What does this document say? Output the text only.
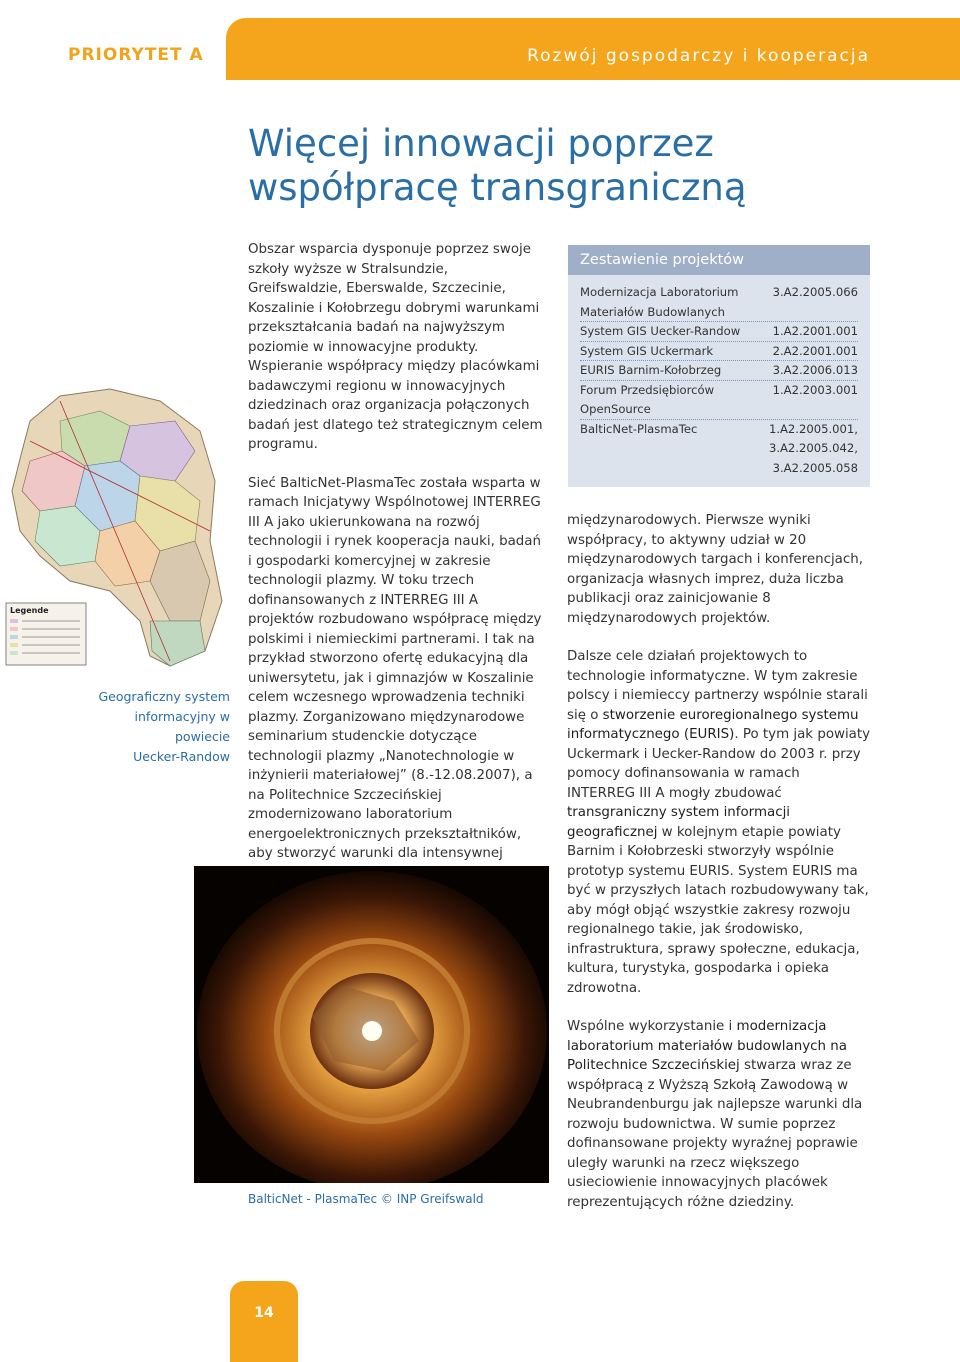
PRIORYTET A	Rozwój gospodarczy i kooperacja
Więcej innowacji poprzez
współpracę transgraniczną
Legende
Geograficzny system
informacyjny w powiecie
Uecker-Randow

Obszar wsparcia dysponuje poprzez swoje szkoły wyższe w Stralsundzie, Greifswaldzie, Eberswalde, Szczecinie, Koszalinie i Kołobrzegu dobrymi warunkami przekształcania badań na najwyższym poziomie w innowacyjne produkty. Wspieranie współpracy między placówkami badawczymi regionu w innowacyjnych dziedzinach oraz organizacja połączonych badań jest dlatego też strategicznym celem programu.

Sieć BalticNet-PlasmaTec została wsparta w ramach Inicjatywy Wspólnotowej INTERREG III A jako ukierunkowana na rozwój technologii i rynek kooperacja nauki, badań i gospodarki komercyjnej w zakresie technologii plazmy. W toku trzech dofinansowanych z INTERREG III A projektów rozbudowano współpracę między polskimi i niemieckimi partnerami. I tak na przykład stworzono ofertę edukacyjną dla uniwersytetu, jak i gimnazjów w Koszalinie celem wczesnego wprowadzenia techniki plazmy. Zorganizowano międzynarodowe seminarium studenckie dotyczące technologii plazmy „Nanotechnologie w inżynierii materiałowej” (8.-12.08.2007), a na Politechnice Szczecińskiej zmodernizowano laboratorium energoelektronicznych przekształtników, aby stworzyć warunki dla intensywnej

BalticNet - PlasmaTec © INP Greifswald
Zestawienie projektów
Modernizacja Laboratorium	3.A2.2005.066
Materiałów Budowlanych
System GIS Uecker-Randow	1.A2.2001.001
System GIS Uckermark	2.A2.2001.001
EURIS Barnim-Kołobrzeg	3.A2.2006.013
Forum Przedsiębiorców	1.A2.2003.001
OpenSource
BalticNet-PlasmaTec	1.A2.2005.001,
3.A2.2005.042,
3.A2.2005.058

międzynarodowych. Pierwsze wyniki współpracy, to aktywny udział w 20 międzynarodowych targach i konferencjach, organizacja własnych imprez, duża liczba publikacji oraz zainicjowanie 8 międzynarodowych projektów.

Dalsze cele działań projektowych to technologie informatyczne. W tym zakresie polscy i niemieccy partnerzy wspólnie starali się o stworzenie euroregionalnego systemu informatycznego (EURIS). Po tym jak powiaty Uckermark i Uecker-Randow do 2003 r. przy pomocy dofinansowania w ramach INTERREG III A mogły zbudować transgraniczny system informacji geograficznej w kolejnym etapie powiaty Barnim i Kołobrzeski stworzyły wspólnie prototyp systemu EURIS. System EURIS ma być w przyszłych latach rozbudowywany tak, aby mógł objąć wszystkie zakresy rozwoju regionalnego takie, jak środowisko, infrastruktura, sprawy społeczne, edukacja, kultura, turystyka, gospodarka i opieka zdrowotna.

Wspólne wykorzystanie i modernizacja laboratorium materiałów budowlanych na Politechnice Szczecińskiej stwarza wraz ze współpracą z Wyższą Szkołą Zawodową w Neubrandenburgu jak najlepsze warunki dla rozwoju budownictwa. W sumie poprzez dofinansowane projekty wyraźnej poprawie uległy warunki na rzecz większego usieciowienie innowacyjnych placówek reprezentujących różne dziedziny.

14
